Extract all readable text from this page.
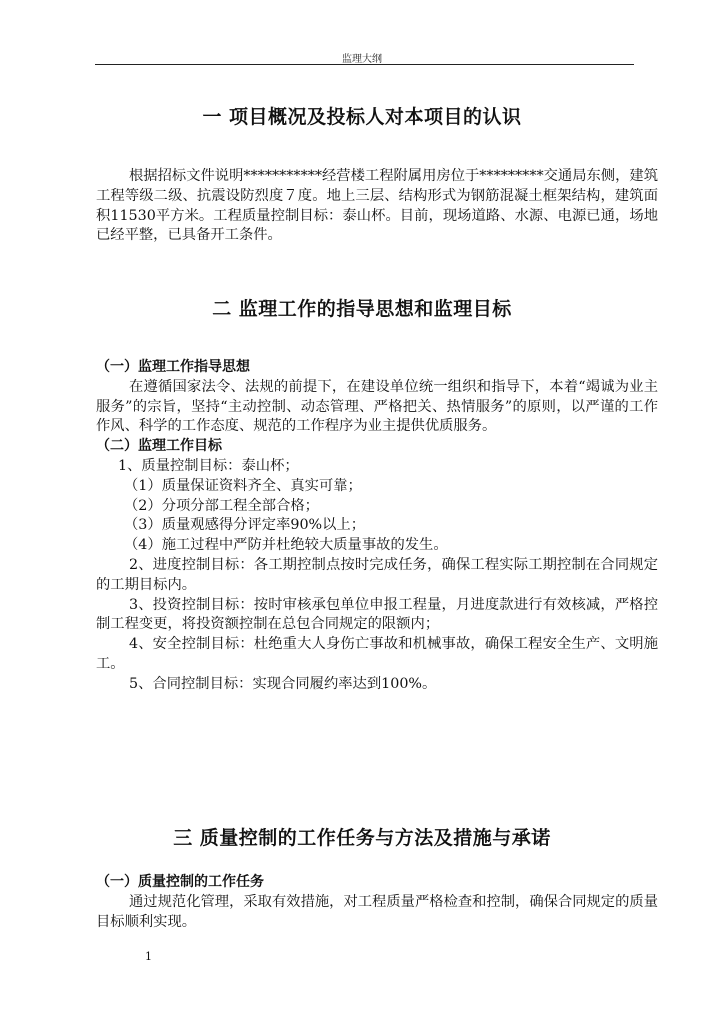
监理大纲
一 项目概况及投标人对本项目的认识

根据招标文件说明***********经营楼工程附属用房位于*********交通局东侧，建筑工程等级二级、抗震设防烈度７度。地上三层、结构形式为钢筋混凝土框架结构，建筑面积11530平方米。工程质量控制目标：泰山杯。目前，现场道路、水源、电源已通，场地已经平整，已具备开工条件。

二 监理工作的指导思想和监理目标

（一）监理工作指导思想

在遵循国家法令、法规的前提下，在建设单位统一组织和指导下，本着“竭诚为业主服务”的宗旨，坚持“主动控制、动态管理、严格把关、热情服务”的原则，以严谨的工作作风、科学的工作态度、规范的工作程序为业主提供优质服务。

（二）监理工作目标

1、质量控制目标：泰山杯；

（1）质量保证资料齐全、真实可靠；

（2）分项分部工程全部合格；

（3）质量观感得分评定率90%以上；

（4）施工过程中严防并杜绝较大质量事故的发生。

2、进度控制目标：各工期控制点按时完成任务，确保工程实际工期控制在合同规定的工期目标内。

3、投资控制目标：按时审核承包单位申报工程量，月进度款进行有效核减，严格控制工程变更，将投资额控制在总包合同规定的限额内；

4、安全控制目标：杜绝重大人身伤亡事故和机械事故，确保工程安全生产、文明施工。

5、合同控制目标：实现合同履约率达到100%。

三 质量控制的工作任务与方法及措施与承诺

（一）质量控制的工作任务

通过规范化管理，采取有效措施，对工程质量严格检查和控制，确保合同规定的质量目标顺利实现。

1
